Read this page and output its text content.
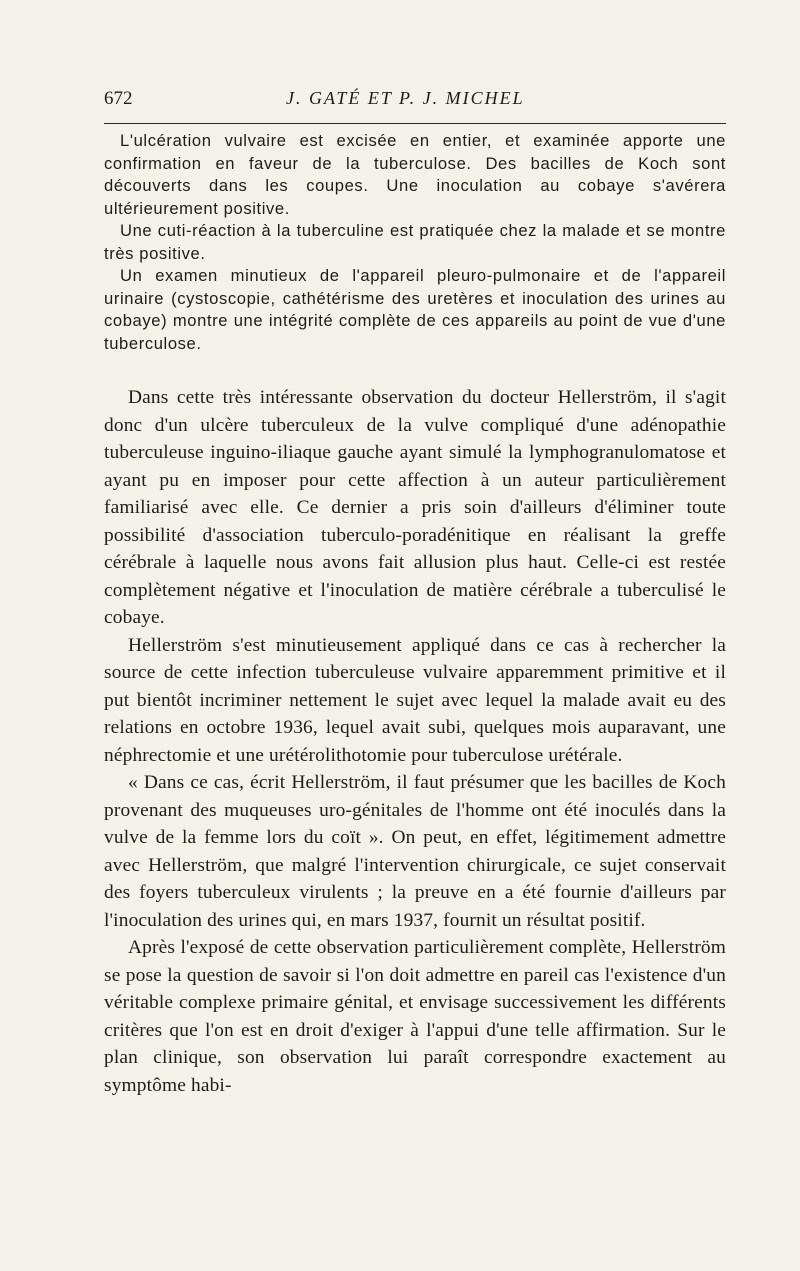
672	J. GATÉ ET P. J. MICHEL

L'ulcération vulvaire est excisée en entier, et examinée apporte une confirmation en faveur de la tuberculose. Des bacilles de Koch sont découverts dans les coupes. Une inoculation au cobaye s'avérera ultérieurement positive.

Une cuti-réaction à la tuberculine est pratiquée chez la malade et se montre très positive.

Un examen minutieux de l'appareil pleuro-pulmonaire et de l'appareil urinaire (cystoscopie, cathétérisme des uretères et inoculation des urines au cobaye) montre une intégrité complète de ces appareils au point de vue d'une tuberculose.

Dans cette très intéressante observation du docteur Hellerström, il s'agit donc d'un ulcère tuberculeux de la vulve compliqué d'une adénopathie tuberculeuse inguino-iliaque gauche ayant simulé la lymphogranulomatose et ayant pu en imposer pour cette affection à un auteur particulièrement familiarisé avec elle. Ce dernier a pris soin d'ailleurs d'éliminer toute possibilité d'association tuberculo-poradénitique en réalisant la greffe cérébrale à laquelle nous avons fait allusion plus haut. Celle-ci est restée complètement négative et l'inoculation de matière cérébrale a tuberculisé le cobaye.

Hellerström s'est minutieusement appliqué dans ce cas à rechercher la source de cette infection tuberculeuse vulvaire apparemment primitive et il put bientôt incriminer nettement le sujet avec lequel la malade avait eu des relations en octobre 1936, lequel avait subi, quelques mois auparavant, une néphrectomie et une urétérolithotomie pour tuberculose urétérale.

« Dans ce cas, écrit Hellerström, il faut présumer que les bacilles de Koch provenant des muqueuses uro-génitales de l'homme ont été inoculés dans la vulve de la femme lors du coït ». On peut, en effet, légitimement admettre avec Hellerström, que malgré l'intervention chirurgicale, ce sujet conservait des foyers tuberculeux virulents ; la preuve en a été fournie d'ailleurs par l'inoculation des urines qui, en mars 1937, fournit un résultat positif.

Après l'exposé de cette observation particulièrement complète, Hellerström se pose la question de savoir si l'on doit admettre en pareil cas l'existence d'un véritable complexe primaire génital, et envisage successivement les différents critères que l'on est en droit d'exiger à l'appui d'une telle affirmation. Sur le plan clinique, son observation lui paraît correspondre exactement au symptôme habi-
